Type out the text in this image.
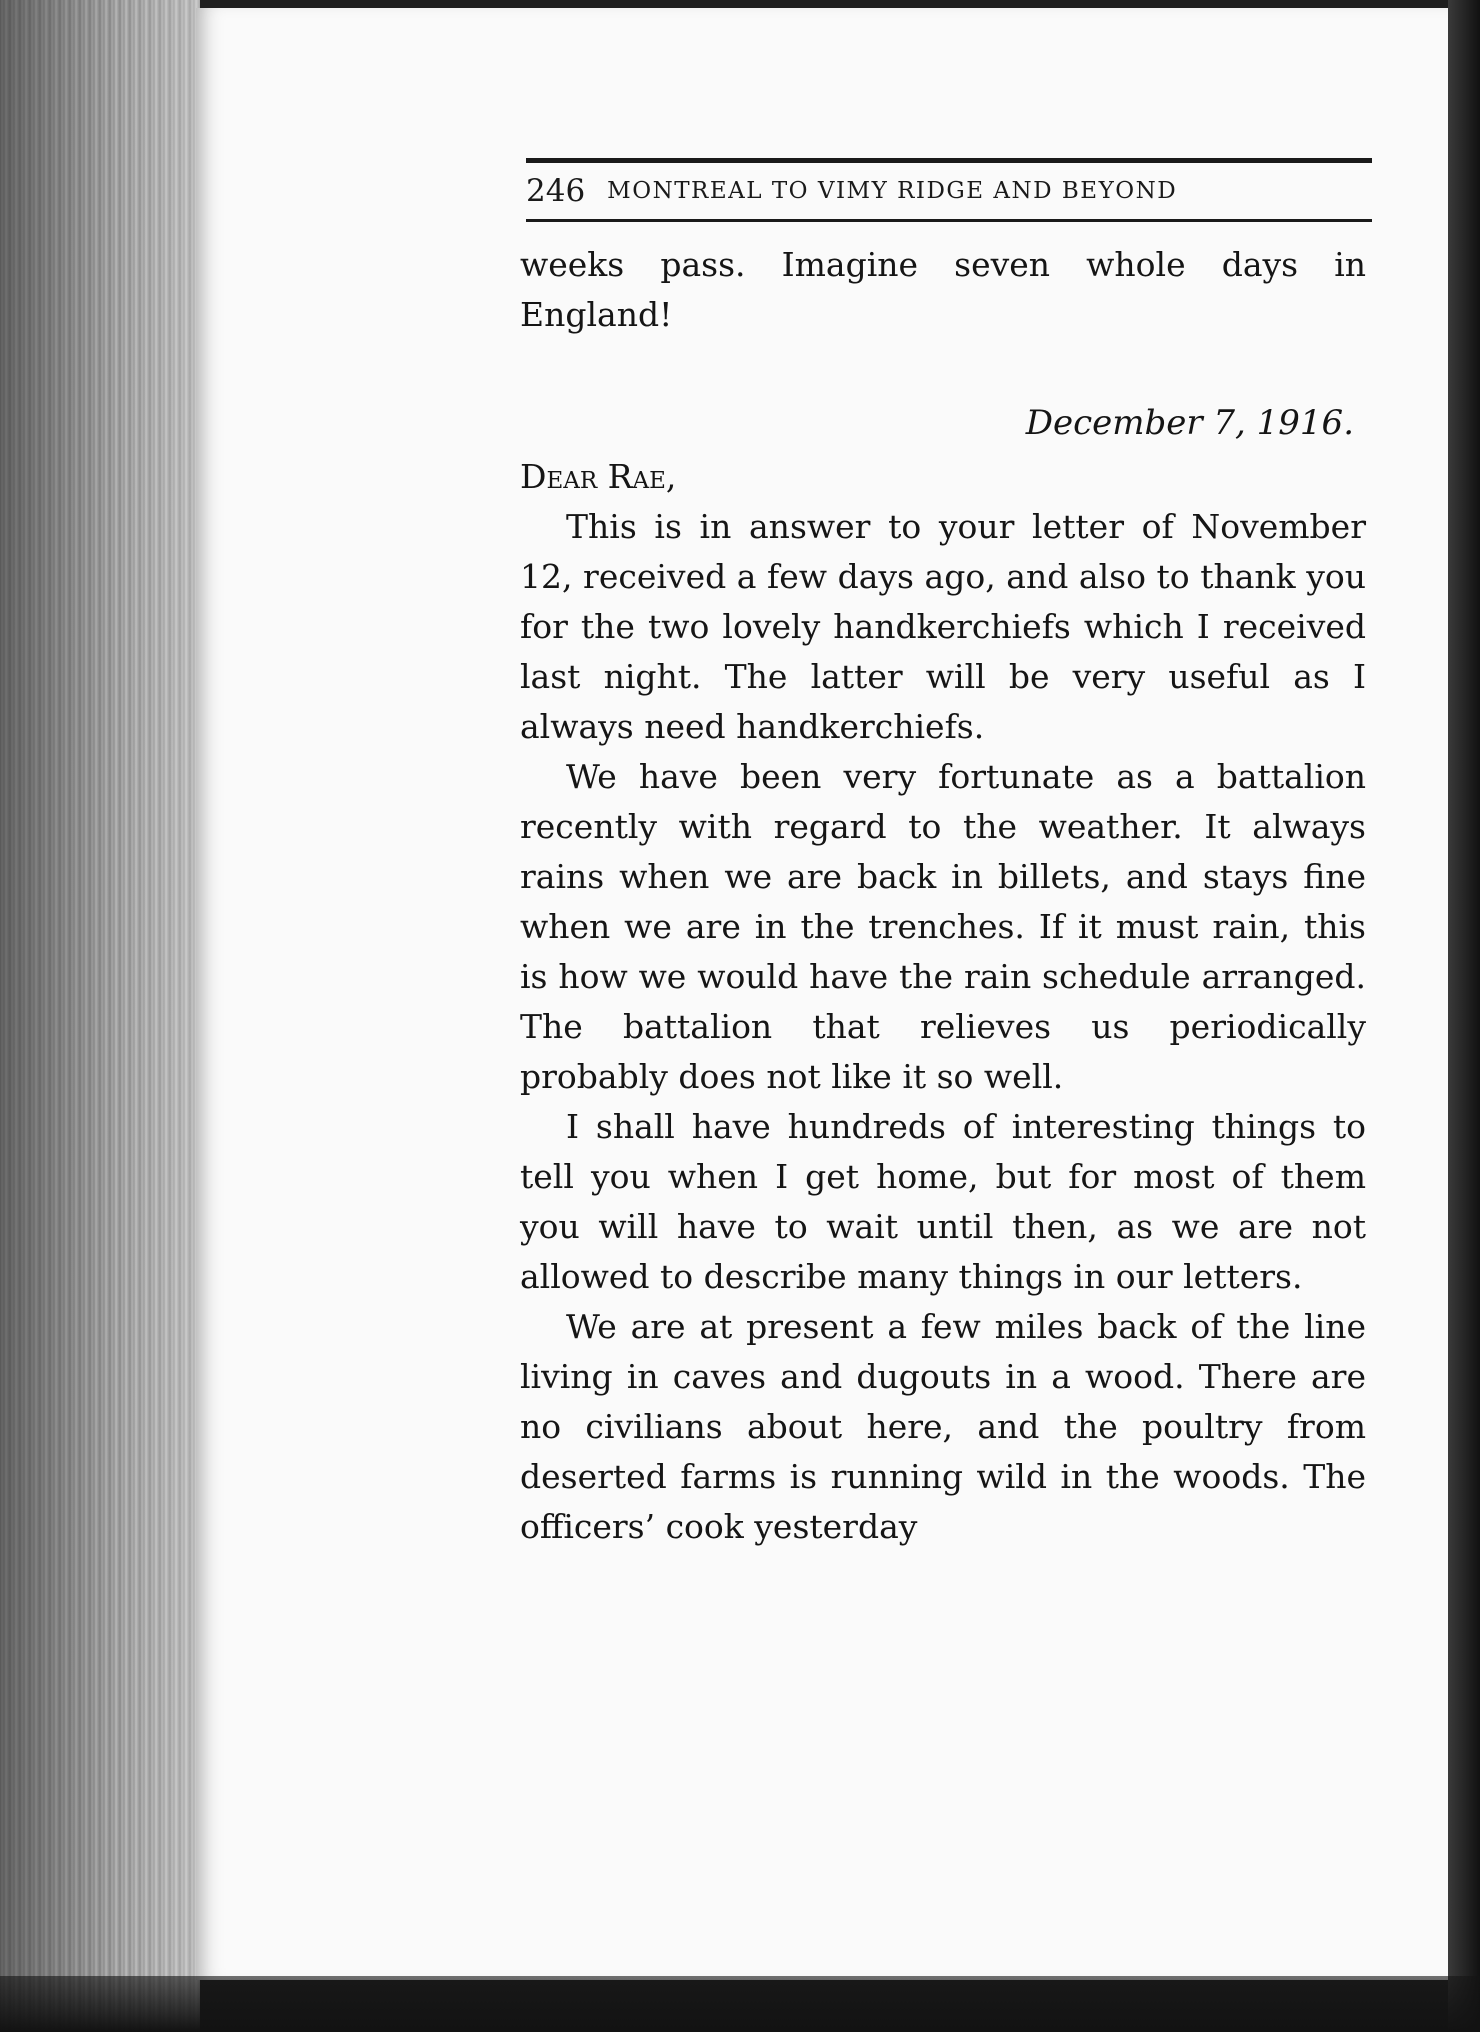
246 MONTREAL TO VIMY RIDGE AND BEYOND

weeks pass. Imagine seven whole days in England!

December 7, 1916.

Dear Rae,

This is in answer to your letter of November 12, received a few days ago, and also to thank you for the two lovely handkerchiefs which I received last night. The latter will be very useful as I always need handkerchiefs.

We have been very fortunate as a battalion recently with regard to the weather. It always rains when we are back in billets, and stays fine when we are in the trenches. If it must rain, this is how we would have the rain schedule arranged. The battalion that relieves us periodically probably does not like it so well.

I shall have hundreds of interesting things to tell you when I get home, but for most of them you will have to wait until then, as we are not allowed to describe many things in our letters.

We are at present a few miles back of the line living in caves and dugouts in a wood. There are no civilians about here, and the poultry from deserted farms is running wild in the woods. The officers’ cook yesterday
